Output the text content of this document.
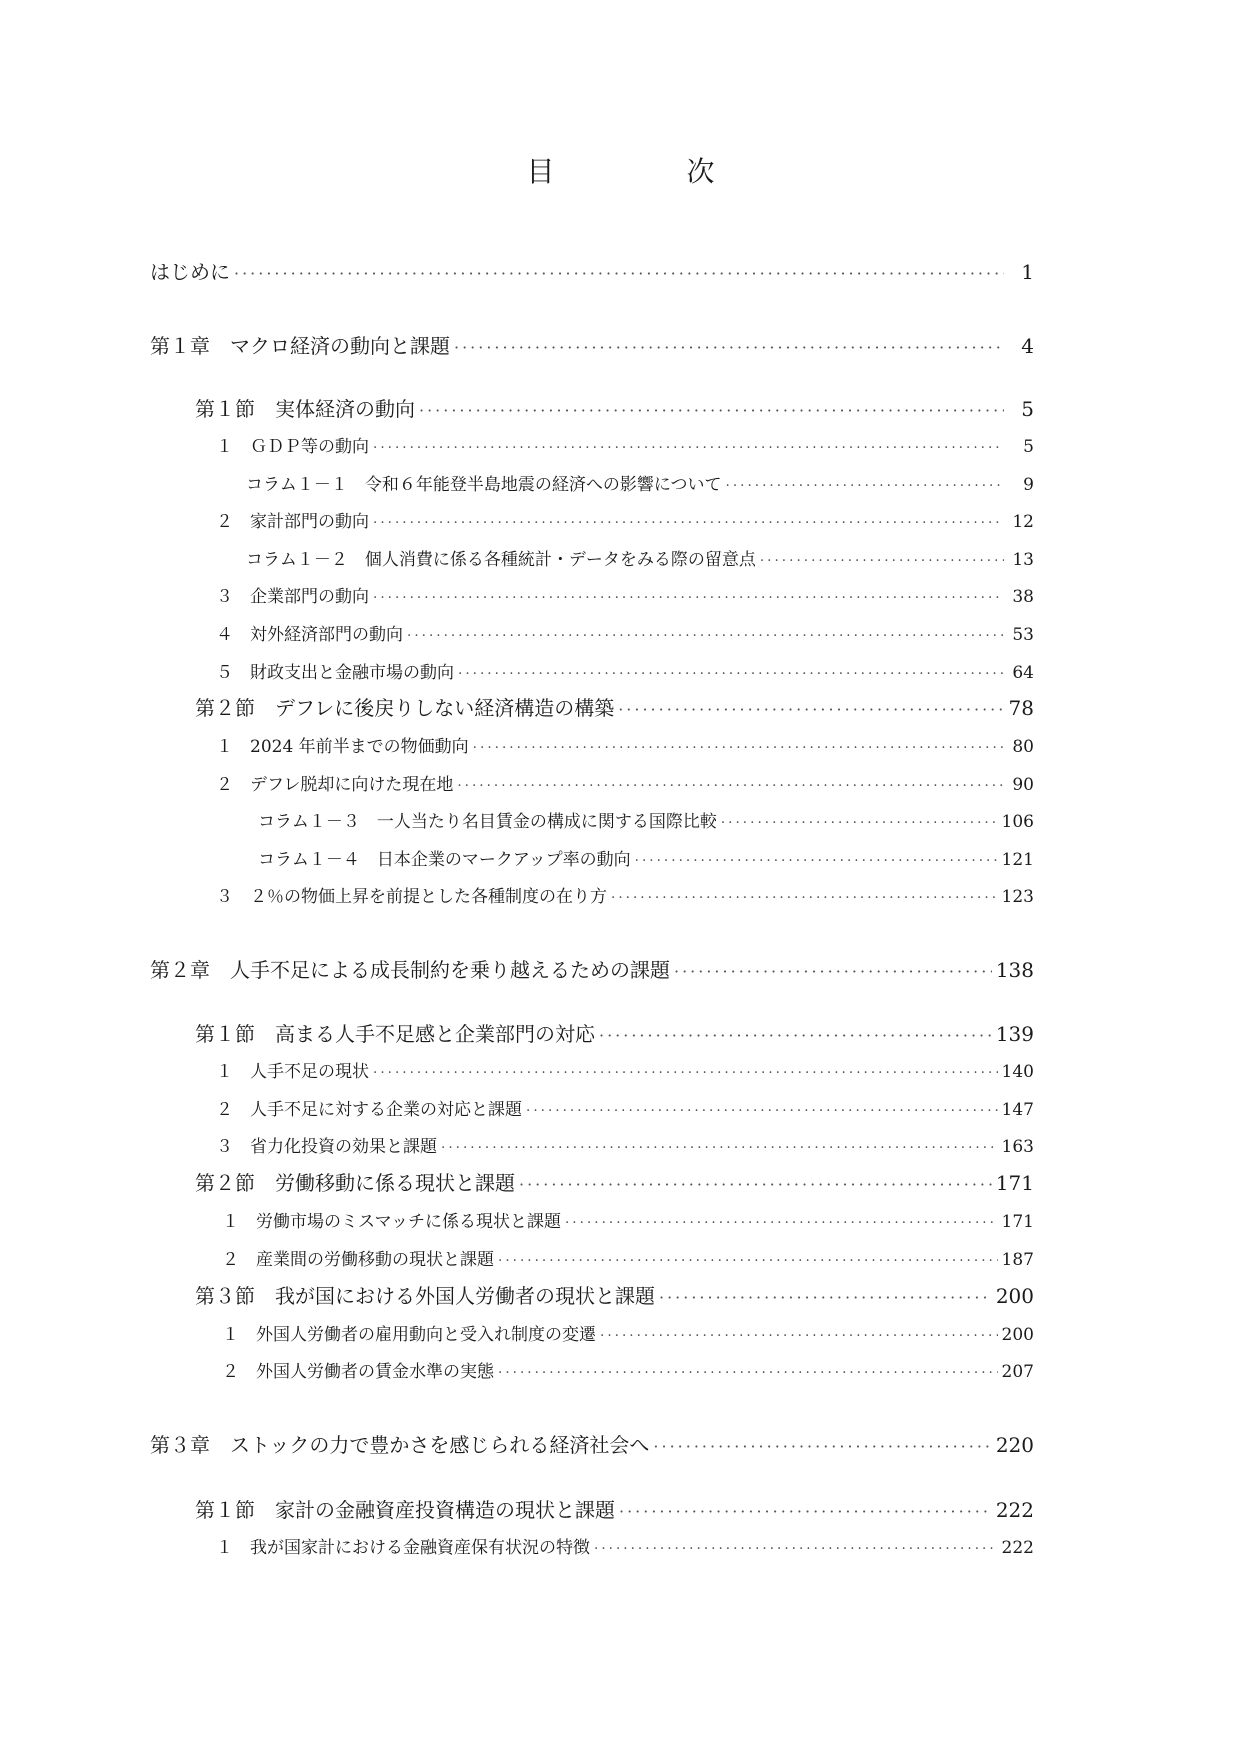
目　次
はじめに ·····	1
第１章　マクロ経済の動向と課題 ·····	4
第１節　実体経済の動向 ·····	5
１　ＧＤＰ等の動向 ·····	5
コラム１－１　令和６年能登半島地震の経済への影響について ·····	9
２　家計部門の動向 ·····	12
コラム１－２　個人消費に係る各種統計・データをみる際の留意点 ·····	13
３　企業部門の動向 ·····	38
４　対外経済部門の動向 ·····	53
５　財政支出と金融市場の動向 ·····	64
第２節　デフレに後戻りしない経済構造の構築 ·····	78
１　2024 年前半までの物価動向 ·····	80
２　デフレ脱却に向けた現在地 ·····	90
コラム１－３　一人当たり名目賃金の構成に関する国際比較 ·····	106
コラム１－４　日本企業のマークアップ率の動向 ·····	121
３　２％の物価上昇を前提とした各種制度の在り方 ·····	123
第２章　人手不足による成長制約を乗り越えるための課題 ·····	138
第１節　高まる人手不足感と企業部門の対応 ·····	139
１　人手不足の現状 ·····	140
２　人手不足に対する企業の対応と課題 ·····	147
３　省力化投資の効果と課題 ·····	163
第２節　労働移動に係る現状と課題 ·····	171
１　労働市場のミスマッチに係る現状と課題 ·····	171
２　産業間の労働移動の現状と課題 ·····	187
第３節　我が国における外国人労働者の現状と課題 ·····	200
１　外国人労働者の雇用動向と受入れ制度の変遷 ·····	200
２　外国人労働者の賃金水準の実態 ·····	207
第３章　ストックの力で豊かさを感じられる経済社会へ ·····	220
第１節　家計の金融資産投資構造の現状と課題 ·····	222
１　我が国家計における金融資産保有状況の特徴 ·····	222
